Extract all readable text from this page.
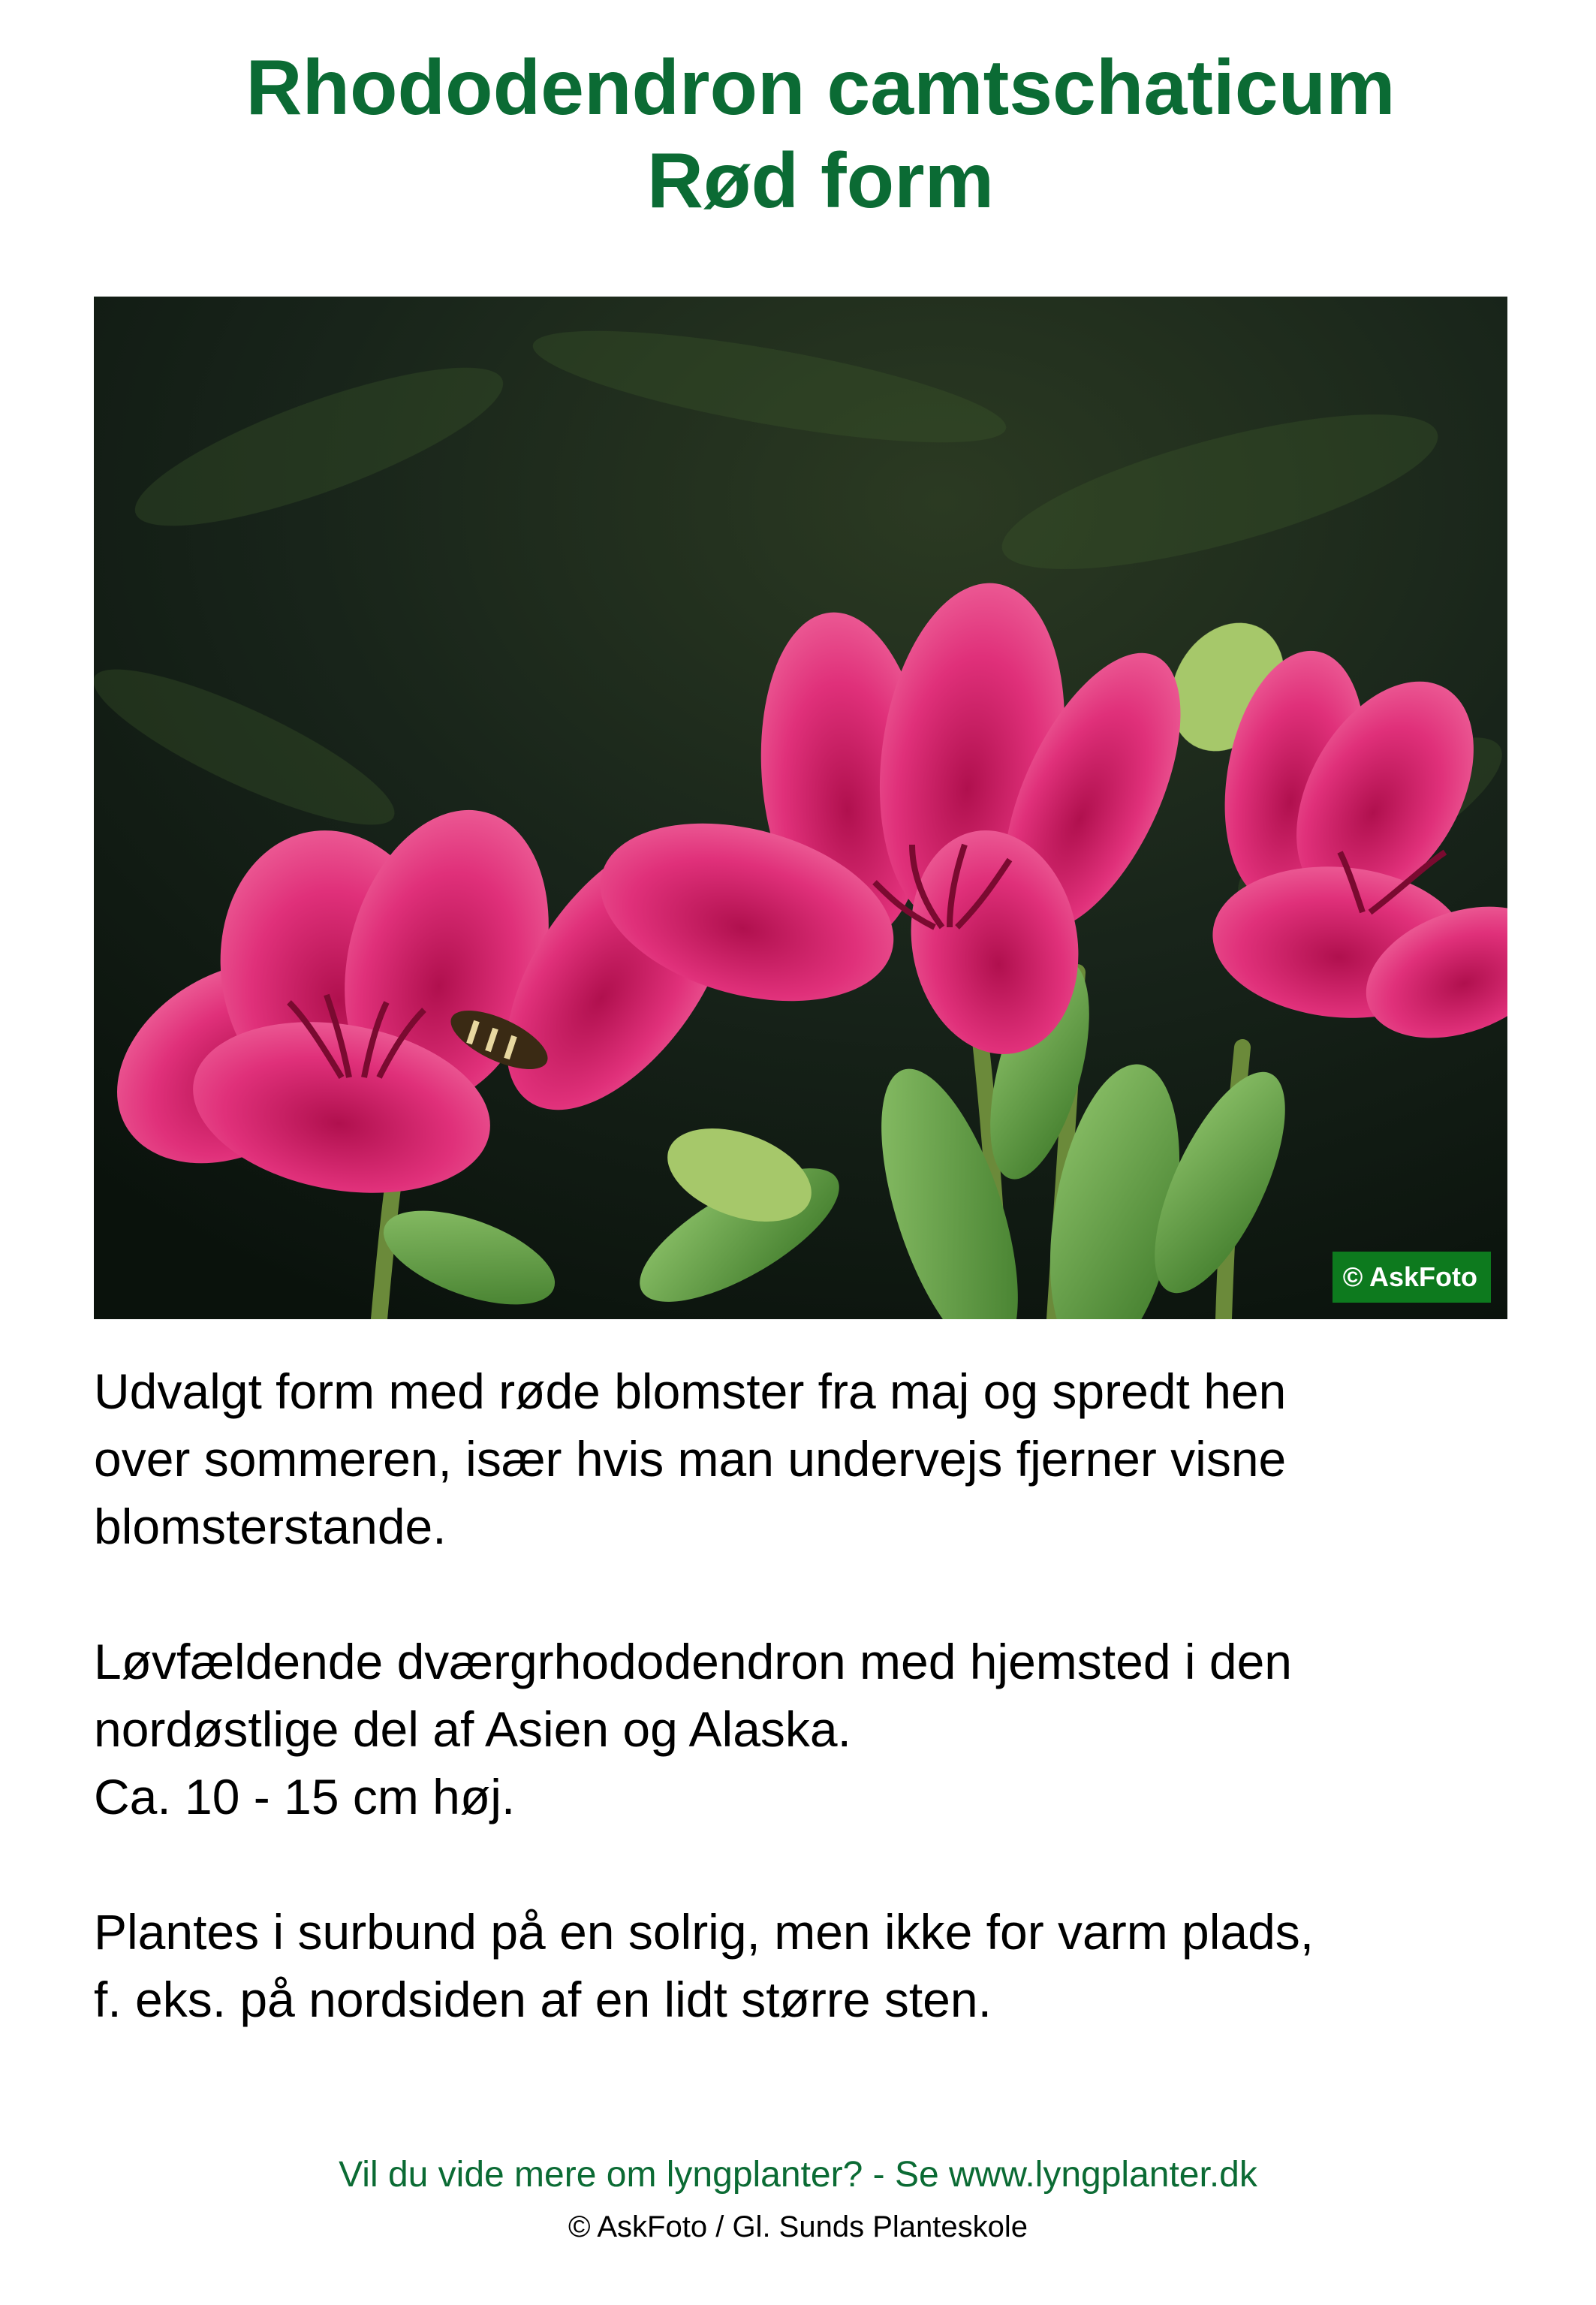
Rhododendron camtschaticum
Rød form
© AskFoto

Udvalgt form med røde blomster fra maj og spredt hen
over sommeren, især hvis man undervejs fjerner visne
blomsterstande.

Løvfældende dværgrhododendron med hjemsted i den
nordøstlige del af Asien og Alaska.
Ca. 10 - 15 cm høj.

Plantes i surbund på en solrig, men ikke for varm plads,
f. eks. på nordsiden af en lidt større sten.

Vil du vide mere om lyngplanter? - Se www.lyngplanter.dk

© AskFoto / Gl. Sunds Planteskole
